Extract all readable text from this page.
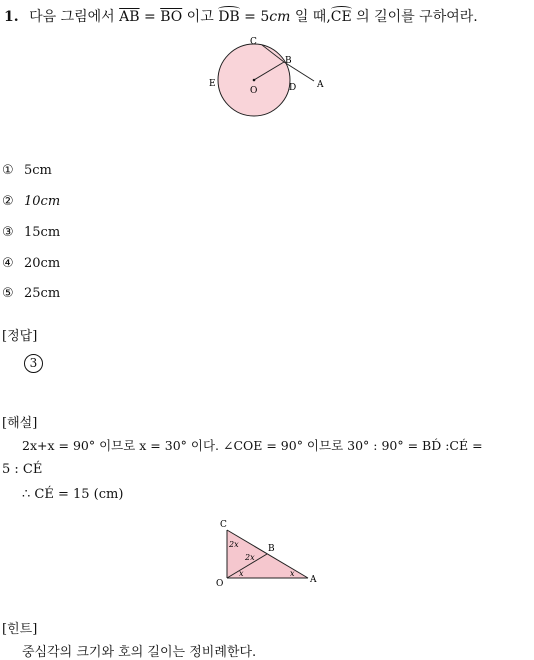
1. 다음 그림에서 $\overline{AB} = \overline{BO}$ 이고 DB = 5cm 일 때,CE 의 길이를 구하여라.
C
B
A
E
O	D
① 5cm
② 10cm
③ 15cm
④ 20cm
⑤ 25cm
[정답]
3
[해설]
2x+x = 90° 이므로 x = 30° 이다. ∠COE = 90° 이므로 30° : 90° = BD́ :CÉ =
5 : CÉ
∴ CÉ = 15 (cm)
C
B
O	A
2x
2x
x	x
[힌트]
중심각의 크기와 호의 길이는 정비례한다.
